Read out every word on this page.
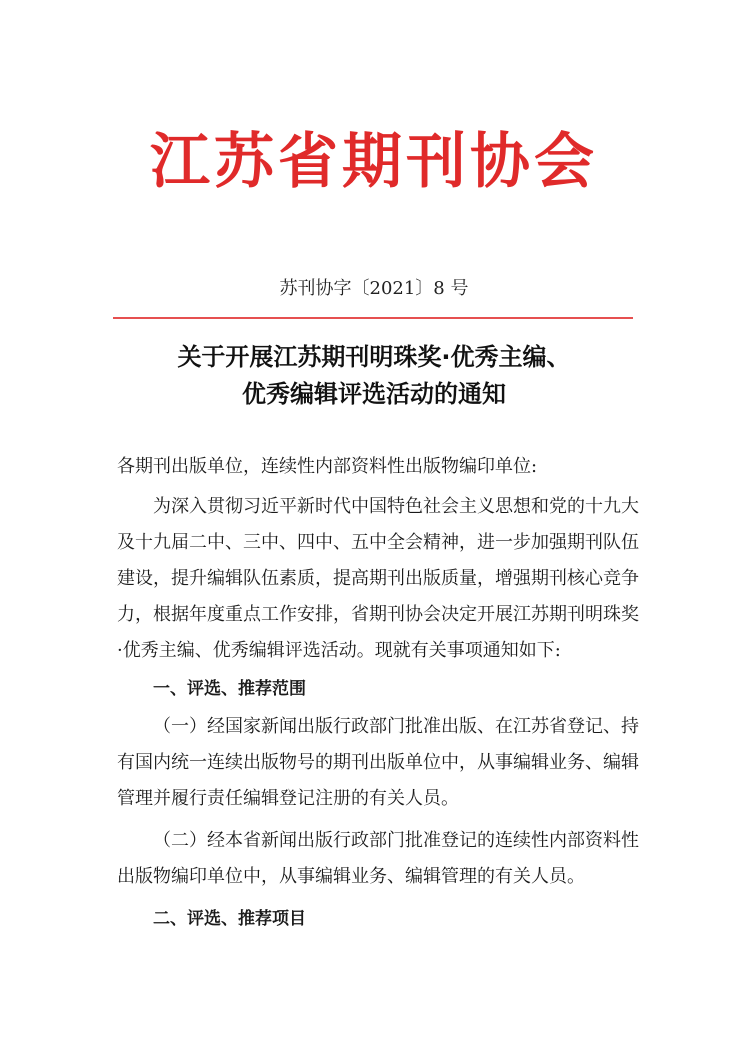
江苏省期刊协会
苏刊协字〔2021〕8 号
关于开展江苏期刊明珠奖·优秀主编、
优秀编辑评选活动的通知
各期刊出版单位，连续性内部资料性出版物编印单位:
为深入贯彻习近平新时代中国特色社会主义思想和党的十九大及十九届二中、三中、四中、五中全会精神，进一步加强期刊队伍建设，提升编辑队伍素质，提高期刊出版质量，增强期刊核心竞争力，根据年度重点工作安排，省期刊协会决定开展江苏期刊明珠奖·优秀主编、优秀编辑评选活动。现就有关事项通知如下:
一、评选、推荐范围
（一）经国家新闻出版行政部门批准出版、在江苏省登记、持有国内统一连续出版物号的期刊出版单位中，从事编辑业务、编辑管理并履行责任编辑登记注册的有关人员。
（二）经本省新闻出版行政部门批准登记的连续性内部资料性出版物编印单位中，从事编辑业务、编辑管理的有关人员。
二、评选、推荐项目
